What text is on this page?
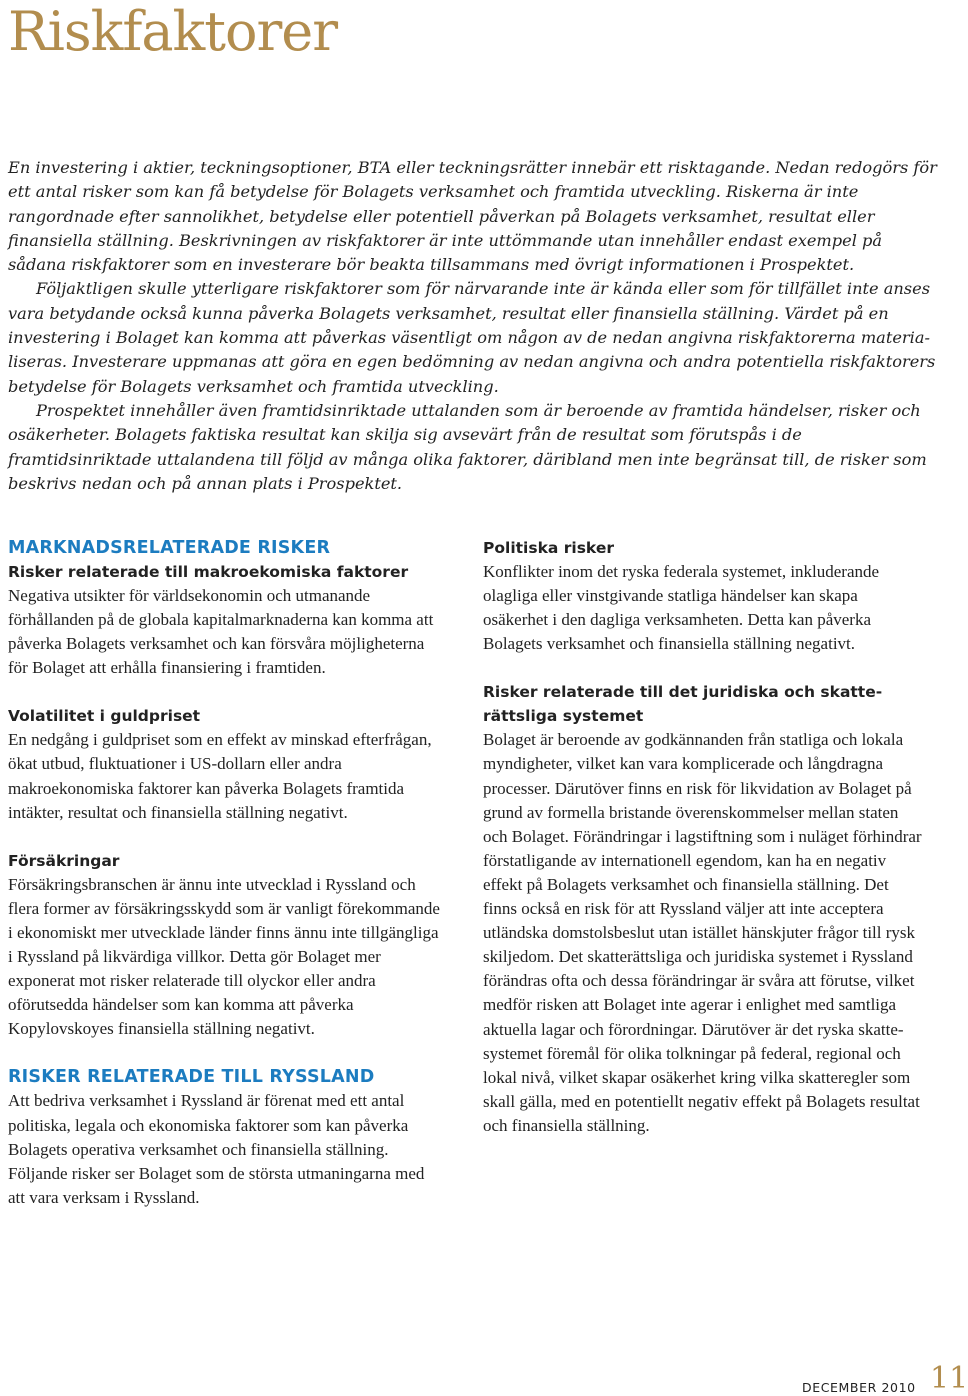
Riskfaktorer

En investering i aktier, teckningsoptioner, BTA eller teckningsrätter innebär ett risktagande. Nedan redogörs för ett antal risker som kan få betydelse för Bolagets verksamhet och framtida utveckling. Riskerna är inte rangordnade efter sannolikhet, betydelse eller potentiell påverkan på Bolagets verksamhet, resultat eller finansiella ställning. Beskrivningen av riskfaktorer är inte uttömmande utan innehåller endast exempel på sådana riskfaktorer som en investerare bör beakta tillsammans med övrigt informationen i Prospektet.

Följaktligen skulle ytterligare riskfaktorer som för närvarande inte är kända eller som för tillfället inte anses vara betydande också kunna påverka Bolagets verksamhet, resultat eller finansiella ställning. Värdet på en investering i Bolaget kan komma att påverkas väsentligt om någon av de nedan angivna riskfaktorerna materialiseras. Investerare uppmanas att göra en egen bedömning av nedan angivna och andra potentiella riskfaktorers betydelse för Bolagets verksamhet och framtida utveckling.

Prospektet innehåller även framtidsinriktade uttalanden som är beroende av framtida händelser, risker och osäkerheter. Bolagets faktiska resultat kan skilja sig avsevärt från de resultat som förutspås i de framtidsinriktade uttalandena till följd av många olika faktorer, däribland men inte begränsat till, de risker som beskrivs nedan och på annan plats i Prospektet.

MARKNADSRELATERADE RISKER
Risker relaterade till makroekomiska faktorer

Negativa utsikter för världsekonomin och utmanande förhållanden på de globala kapitalmarknaderna kan komma att påverka Bolagets verksamhet och kan försvåra möjligheterna för Bolaget att erhålla finansiering i framtiden.

Volatilitet i guldpriset

En nedgång i guldpriset som en effekt av minskad efterfrågan, ökat utbud, fluktuationer i US-dollarn eller andra makroekonomiska faktorer kan påverka Bolagets framtida intäkter, resultat och finansiella ställning negativt.

Försäkringar

Försäkringsbranschen är ännu inte utvecklad i Ryssland och flera former av försäkringsskydd som är vanligt förekommande i ekonomiskt mer utvecklade länder finns ännu inte tillgängliga i Ryssland på likvärdiga villkor. Detta gör Bolaget mer exponerat mot risker relaterade till olyckor eller andra oförutsedda händelser som kan komma att påverka Kopylovskoyes finansiella ställning negativt.

RISKER RELATERADE TILL RYSSLAND

Att bedriva verksamhet i Ryssland är förenat med ett antal politiska, legala och ekonomiska faktorer som kan påverka Bolagets operativa verksamhet och finansiella ställning. Följande risker ser Bolaget som de största utmaningarna med att vara verksam i Ryssland.

Politiska risker

Konflikter inom det ryska federala systemet, inkluderande olagliga eller vinstgivande statliga händelser kan skapa osäkerhet i den dagliga verksamheten. Detta kan påverka Bolagets verksamhet och finansiella ställning negativt.

Risker relaterade till det juridiska och skatterättsliga systemet

Bolaget är beroende av godkännanden från statliga och lokala myndigheter, vilket kan vara komplicerade och långdragna processer. Därutöver finns en risk för likvidation av Bolaget på grund av formella bristande överenskommelser mellan staten och Bolaget. Förändringar i lagstiftning som i nuläget förhindrar förstatligande av internationell egendom, kan ha en negativ effekt på Bolagets verksamhet och finansiella ställning. Det finns också en risk för att Ryssland väljer att inte acceptera utländska domstolsbeslut utan istället hänskjuter frågor till rysk skiljedom. Det skatterättsliga och juridiska systemet i Ryssland förändras ofta och dessa förändringar är svåra att förutse, vilket medför risken att Bolaget inte agerar i enlighet med samtliga aktuella lagar och förordningar. Därutöver är det ryska skattesystemet föremål för olika tolkningar på federal, regional och lokal nivå, vilket skapar osäkerhet kring vilka skatteregler som skall gälla, med en potentiellt negativ effekt på Bolagets resultat och finansiella ställning.

DECEMBER 2010 11
